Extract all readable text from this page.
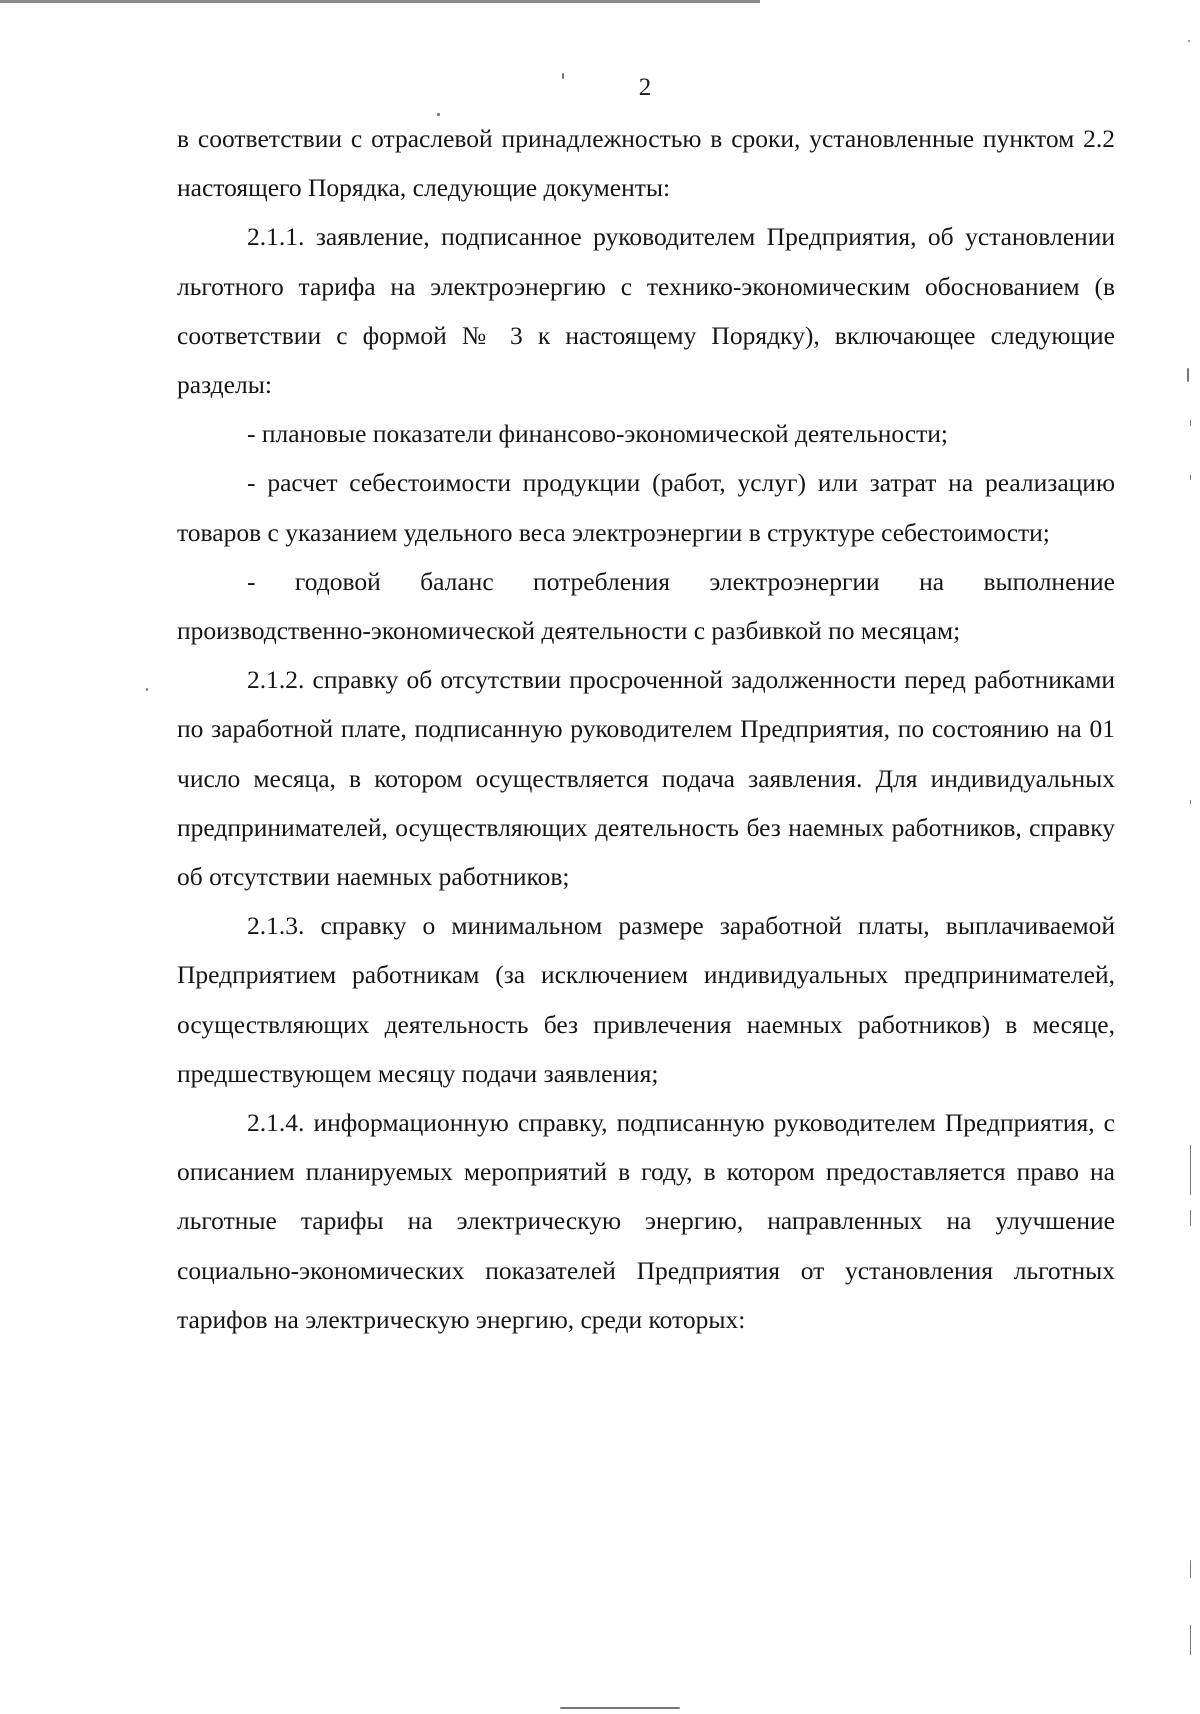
2

в соответствии с отраслевой принадлежностью в сроки, установленные пунктом 2.2 настоящего Порядка, следующие документы:

2.1.1. заявление, подписанное руководителем Предприятия, об установлении льготного тарифа на электроэнергию с технико-экономическим обоснованием (в соответствии с формой № 3 к настоящему Порядку), включающее следующие разделы:

- плановые показатели финансово-экономической деятельности;

- расчет себестоимости продукции (работ, услуг) или затрат на реализацию товаров с указанием удельного веса электроэнергии в структуре себестоимости;

- годовой баланс потребления электроэнергии на выполнение производственно-экономической деятельности с разбивкой по месяцам;

2.1.2. справку об отсутствии просроченной задолженности перед работниками по заработной плате, подписанную руководителем Предприятия, по состоянию на 01 число месяца, в котором осуществляется подача заявления. Для индивидуальных предпринимателей, осуществляющих деятельность без наемных работников, справку об отсутствии наемных работников;

2.1.3. справку о минимальном размере заработной платы, выплачиваемой Предприятием работникам (за исключением индивидуальных предпринимателей, осуществляющих деятельность без привлечения наемных работников) в месяце, предшествующем месяцу подачи заявления;

2.1.4. информационную справку, подписанную руководителем Предприятия, с описанием планируемых мероприятий в году, в котором предоставляется право на льготные тарифы на электрическую энергию, направленных на улучшение социально-экономических показателей Предприятия от установления льготных тарифов на электрическую энергию, среди которых:
